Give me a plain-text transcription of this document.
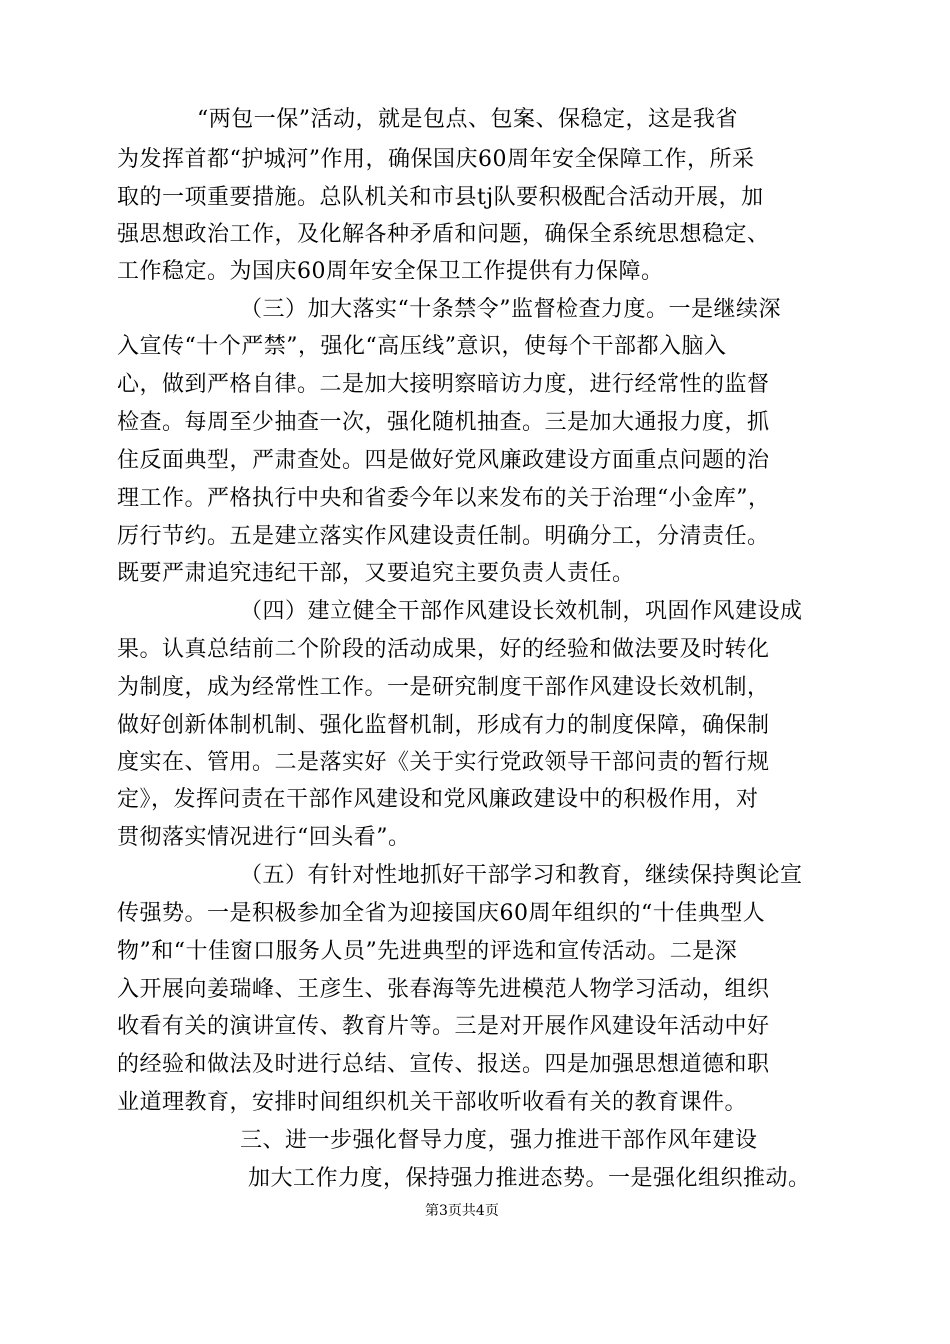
“两包一保”活动，就是包点、包案、保稳定，这是我省
为发挥首都“护城河”作用，确保国庆60周年安全保障工作，所采
取的一项重要措施。总队机关和市县tj队要积极配合活动开展，加
强思想政治工作，及化解各种矛盾和问题，确保全系统思想稳定、
工作稳定。为国庆60周年安全保卫工作提供有力保障。
（三）加大落实“十条禁令”监督检查力度。一是继续深
入宣传“十个严禁”，强化“高压线”意识，使每个干部都入脑入
心，做到严格自律。二是加大接明察暗访力度，进行经常性的监督
检查。每周至少抽查一次，强化随机抽查。三是加大通报力度，抓
住反面典型，严肃查处。四是做好党风廉政建设方面重点问题的治
理工作。严格执行中央和省委今年以来发布的关于治理“小金库”，
厉行节约。五是建立落实作风建设责任制。明确分工，分清责任。
既要严肃追究违纪干部，又要追究主要负责人责任。
（四）建立健全干部作风建设长效机制，巩固作风建设成
果。认真总结前二个阶段的活动成果，好的经验和做法要及时转化
为制度，成为经常性工作。一是研究制度干部作风建设长效机制，
做好创新体制机制、强化监督机制，形成有力的制度保障，确保制
度实在、管用。二是落实好《关于实行党政领导干部问责的暂行规
定》，发挥问责在干部作风建设和党风廉政建设中的积极作用，对
贯彻落实情况进行“回头看”。
（五）有针对性地抓好干部学习和教育，继续保持舆论宣
传强势。一是积极参加全省为迎接国庆60周年组织的“十佳典型人
物”和“十佳窗口服务人员”先进典型的评选和宣传活动。二是深
入开展向姜瑞峰、王彦生、张春海等先进模范人物学习活动，组织
收看有关的演讲宣传、教育片等。三是对开展作风建设年活动中好
的经验和做法及时进行总结、宣传、报送。四是加强思想道德和职
业道理教育，安排时间组织机关干部收听收看有关的教育课件。
三、进一步强化督导力度，强力推进干部作风年建设
加大工作力度，保持强力推进态势。一是强化组织推动。
第3页共4页
